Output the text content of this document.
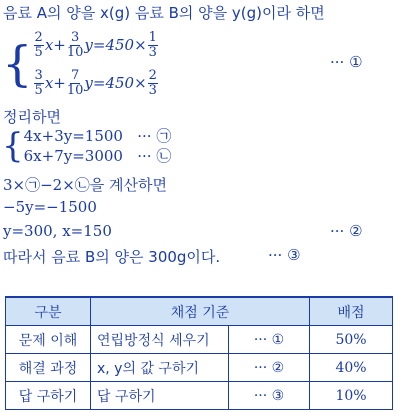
음료 A의 양을 x(g) 음료 B의 양을 y(g)이라 하면
{ $\frac{2}{5} x+ \frac{3}{10} y=450\times \frac{1}{3}$
$\frac{3}{5} x+ \frac{7}{10} y=450\times \frac{2}{3}$
··· ①
정리하면
{ 4x+3y=1500   ··· ㉠
6x+7y=3000   ··· ㉡
3×㉠−2×㉡을 계산하면
−5y=−1500
y=300, x=150	··· ②
따라서 음료 B의 양은 300g이다.	··· ③
구분	채점 기준		배점
문제 이해	연립방정식 세우기	··· ①	50%
해결 과정	x, y의 값 구하기	··· ②	40%
답 구하기	답 구하기	··· ③	10%
